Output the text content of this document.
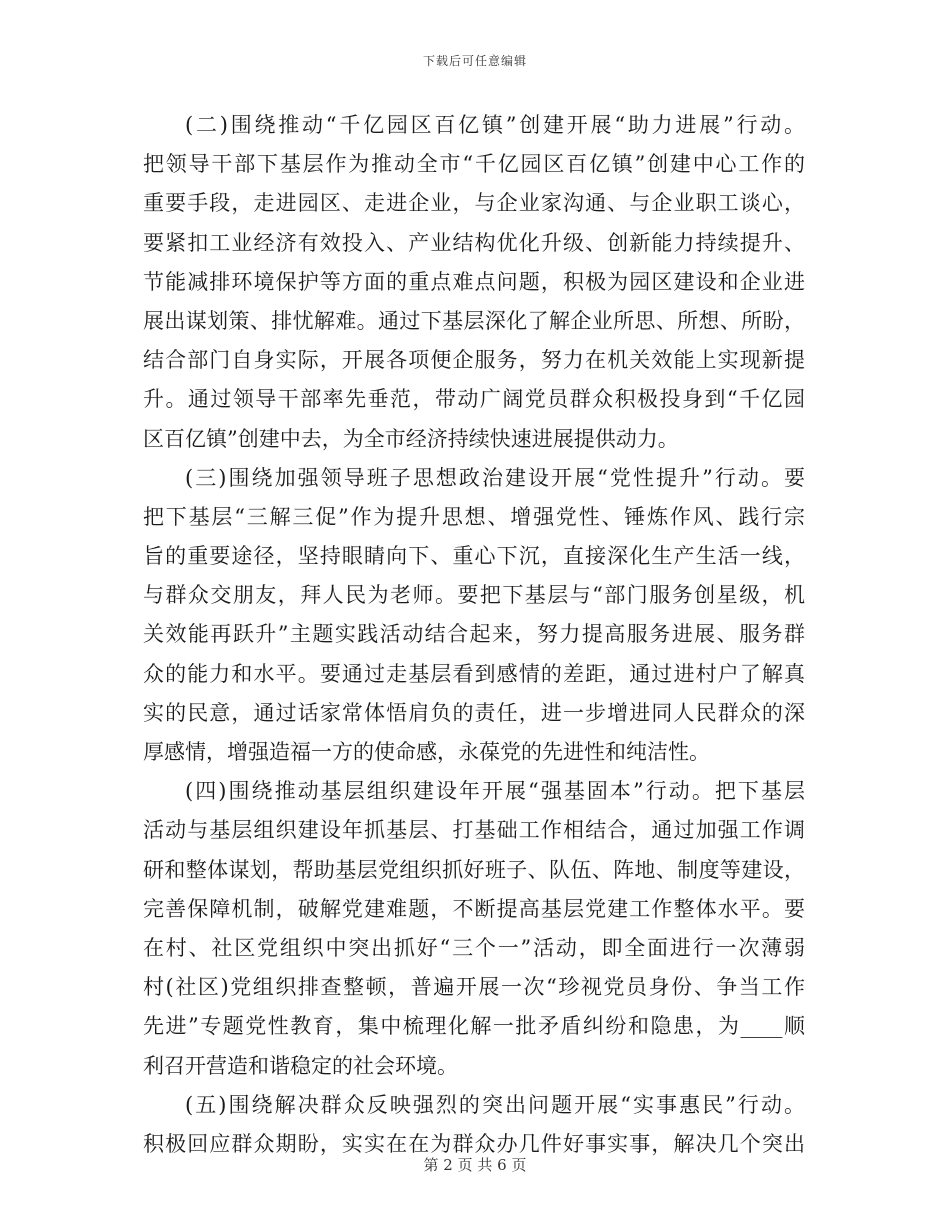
下载后可任意编辑
(二)围绕推动“千亿园区百亿镇”创建开展“助力进展”行动。
把领导干部下基层作为推动全市“千亿园区百亿镇”创建中心工作的
重要手段，走进园区、走进企业，与企业家沟通、与企业职工谈心，
要紧扣工业经济有效投入、产业结构优化升级、创新能力持续提升、
节能减排环境保护等方面的重点难点问题，积极为园区建设和企业进
展出谋划策、排忧解难。通过下基层深化了解企业所思、所想、所盼，
结合部门自身实际，开展各项便企服务，努力在机关效能上实现新提
升。通过领导干部率先垂范，带动广阔党员群众积极投身到“千亿园
区百亿镇”创建中去，为全市经济持续快速进展提供动力。
(三)围绕加强领导班子思想政治建设开展“党性提升”行动。要
把下基层“三解三促”作为提升思想、增强党性、锤炼作风、践行宗
旨的重要途径，坚持眼睛向下、重心下沉，直接深化生产生活一线，
与群众交朋友，拜人民为老师。要把下基层与“部门服务创星级，机
关效能再跃升”主题实践活动结合起来，努力提高服务进展、服务群
众的能力和水平。要通过走基层看到感情的差距，通过进村户了解真
实的民意，通过话家常体悟肩负的责任，进一步增进同人民群众的深
厚感情，增强造福一方的使命感，永葆党的先进性和纯洁性。
(四)围绕推动基层组织建设年开展“强基固本”行动。把下基层
活动与基层组织建设年抓基层、打基础工作相结合，通过加强工作调
研和整体谋划，帮助基层党组织抓好班子、队伍、阵地、制度等建设，
完善保障机制，破解党建难题，不断提高基层党建工作整体水平。要
在村、社区党组织中突出抓好“三个一”活动，即全面进行一次薄弱
村(社区)党组织排查整顿，普遍开展一次“珍视党员身份、争当工作
先进”专题党性教育，集中梳理化解一批矛盾纠纷和隐患，为____顺
利召开营造和谐稳定的社会环境。
(五)围绕解决群众反映强烈的突出问题开展“实事惠民”行动。
积极回应群众期盼，实实在在为群众办几件好事实事，解决几个突出
第 2 页 共 6 页
